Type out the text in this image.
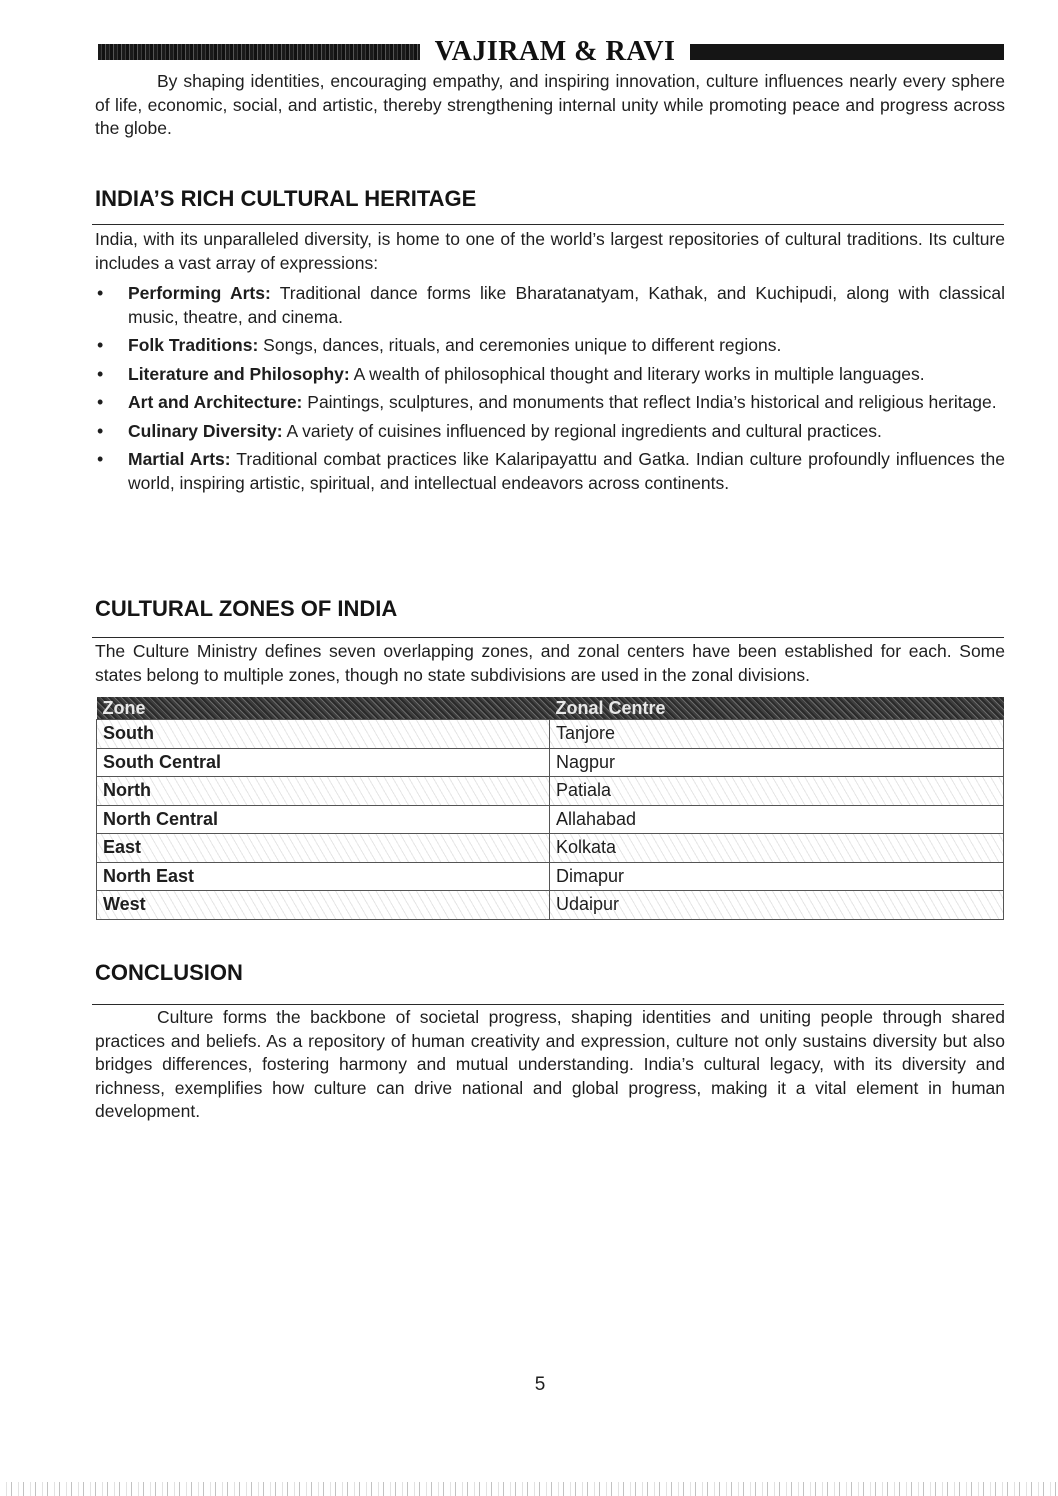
VAJIRAM & RAVI

By shaping identities, encouraging empathy, and inspiring innovation, culture influences nearly every sphere of life, economic, social, and artistic, thereby strengthening internal unity while promoting peace and progress across the globe.

INDIA’S RICH CULTURAL HERITAGE

India, with its unparalleled diversity, is home to one of the world’s largest repositories of cultural traditions. Its culture includes a vast array of expressions:

• Performing Arts: Traditional dance forms like Bharatanatyam, Kathak, and Kuchipudi, along with classical music, theatre, and cinema.
• Folk Traditions: Songs, dances, rituals, and ceremonies unique to different regions.
• Literature and Philosophy: A wealth of philosophical thought and literary works in multiple languages.
• Art and Architecture: Paintings, sculptures, and monuments that reflect India’s historical and religious heritage.
• Culinary Diversity: A variety of cuisines influenced by regional ingredients and cultural practices.
• Martial Arts: Traditional combat practices like Kalaripayattu and Gatka. Indian culture profoundly influences the world, inspiring artistic, spiritual, and intellectual endeavors across continents.
CULTURAL ZONES OF INDIA

The Culture Ministry defines seven overlapping zones, and zonal centers have been established for each. Some states belong to multiple zones, though no state subdivisions are used in the zonal divisions.

Zone	Zonal Centre
South	Tanjore
South Central	Nagpur
North	Patiala
North Central	Allahabad
East	Kolkata
North East	Dimapur
West	Udaipur
CONCLUSION

Culture forms the backbone of societal progress, shaping identities and uniting people through shared practices and beliefs. As a repository of human creativity and expression, culture not only sustains diversity but also bridges differences, fostering harmony and mutual understanding. India’s cultural legacy, with its diversity and richness, exemplifies how culture can drive national and global progress, making it a vital element in human development.

5
